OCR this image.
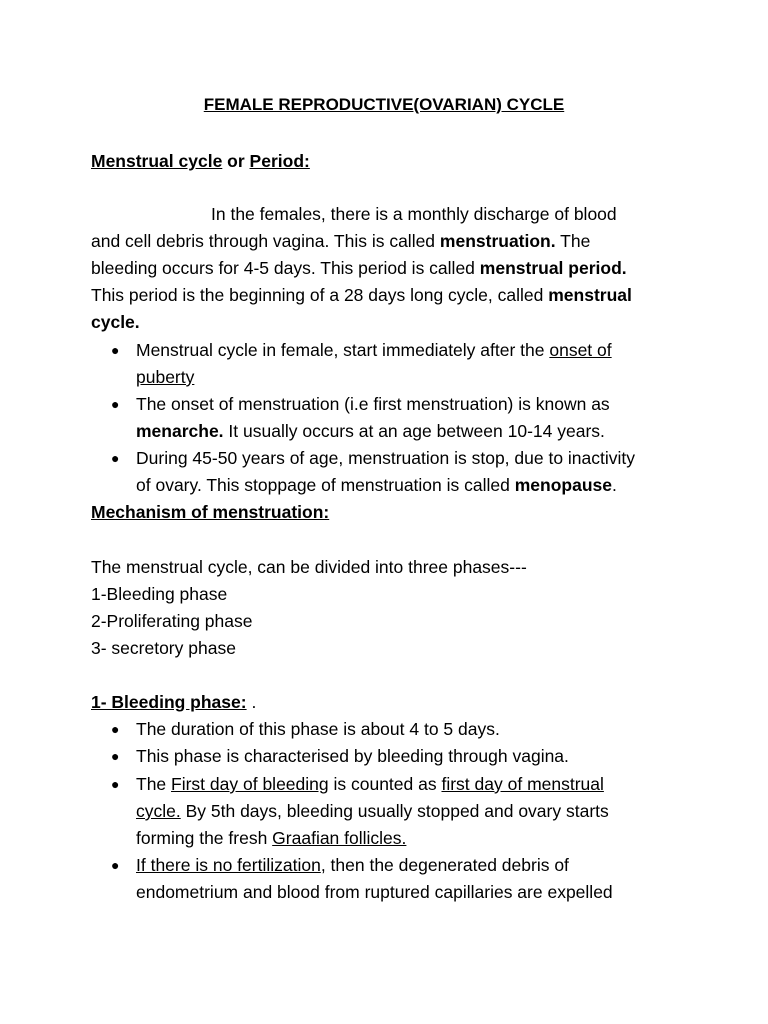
FEMALE REPRODUCTIVE(OVARIAN) CYCLE
Menstrual cycle or Period:
In the females, there is a monthly discharge of blood
and cell debris through vagina. This is called menstruation. The
bleeding occurs for 4-5 days. This period is called menstrual period.
This period is the beginning of a 28 days long cycle, called menstrual
cycle.
● Menstrual cycle in female, start immediately after the onset of
puberty
● The onset of menstruation (i.e first menstruation) is known as
menarche. It usually occurs at an age between 10-14 years.
● During 45-50 years of age, menstruation is stop, due to inactivity
of ovary. This stoppage of menstruation is called menopause.
Mechanism of menstruation:
The menstrual cycle, can be divided into three phases---
1-Bleeding phase
2-Proliferating phase
3- secretory phase
1- Bleeding phase: .
● The duration of this phase is about 4 to 5 days.
● This phase is characterised by bleeding through vagina.
● The First day of bleeding is counted as first day of menstrual
cycle. By 5th days, bleeding usually stopped and ovary starts
forming the fresh Graafian follicles.
● If there is no fertilization, then the degenerated debris of
endometrium and blood from ruptured capillaries are expelled
